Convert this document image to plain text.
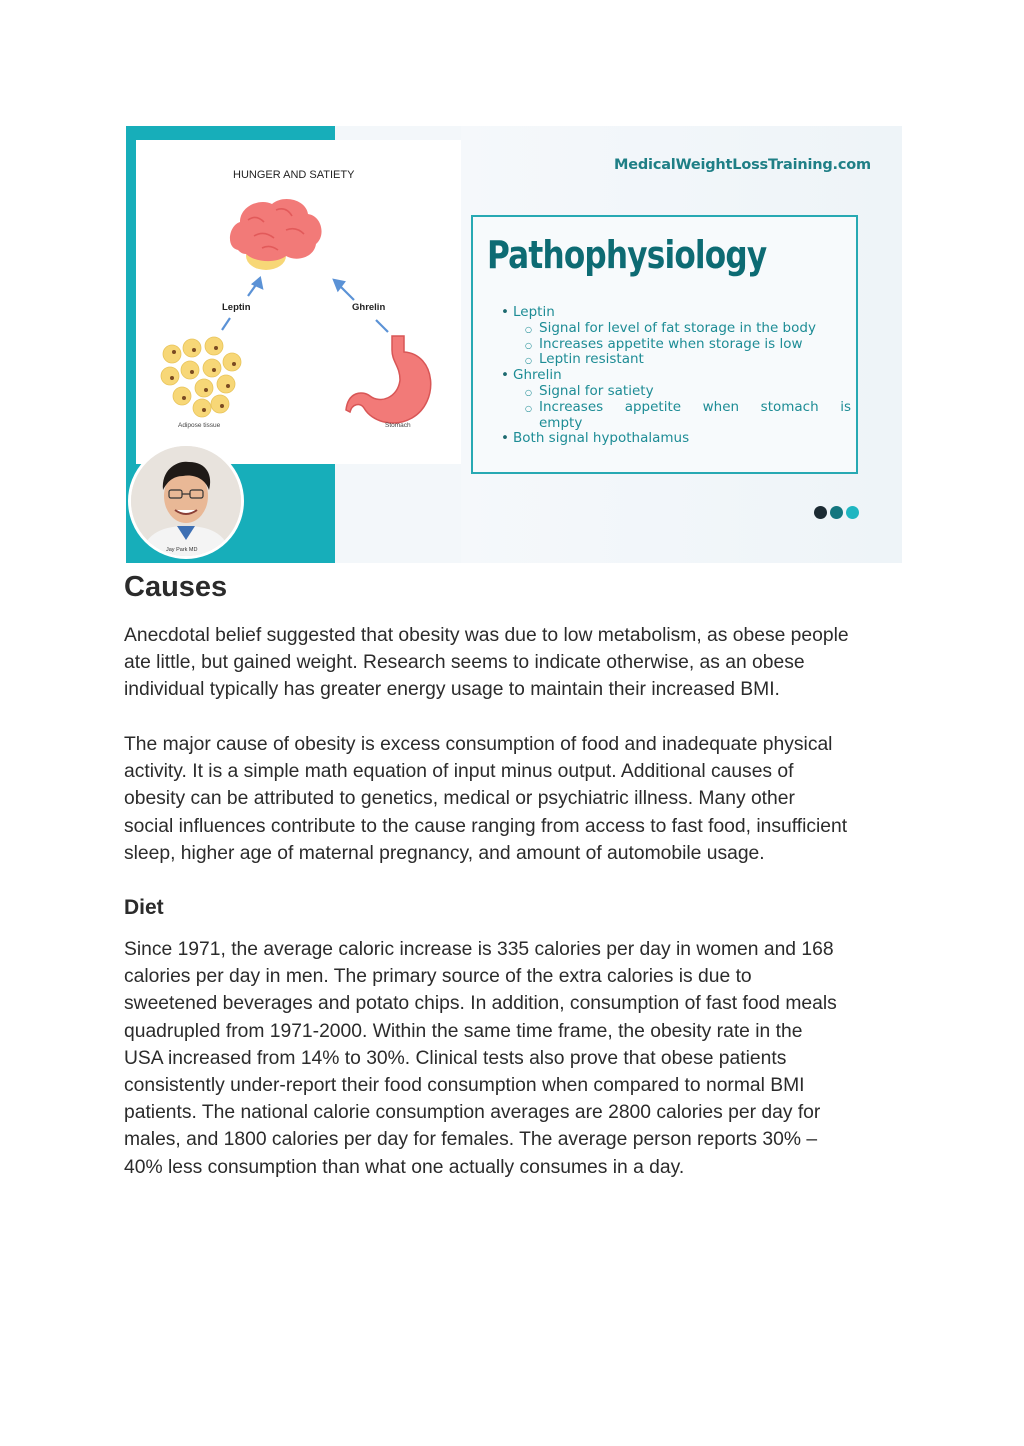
HUNGER AND SATIETY
Leptin	Ghrelin
Adipose tissue	Stomach
Jay Park MD
MedicalWeightLossTraining.com
Pathophysiology
• Leptin
○ Signal for level of fat storage in the body
○ Increases appetite when storage is low
○ Leptin resistant
• Ghrelin
○ Signal for satiety
○ Increases appetite when stomach is
empty
• Both signal hypothalamus
Causes

Anecdotal belief suggested that obesity was due to low metabolism, as obese people
ate little, but gained weight. Research seems to indicate otherwise, as an obese
individual typically has greater energy usage to maintain their increased BMI.

The major cause of obesity is excess consumption of food and inadequate physical
activity. It is a simple math equation of input minus output. Additional causes of
obesity can be attributed to genetics, medical or psychiatric illness. Many other
social influences contribute to the cause ranging from access to fast food, insufficient
sleep, higher age of maternal pregnancy, and amount of automobile usage.

Diet

Since 1971, the average caloric increase is 335 calories per day in women and 168
calories per day in men. The primary source of the extra calories is due to
sweetened beverages and potato chips. In addition, consumption of fast food meals
quadrupled from 1971-2000. Within the same time frame, the obesity rate in the
USA increased from 14% to 30%. Clinical tests also prove that obese patients
consistently under-report their food consumption when compared to normal BMI
patients. The national calorie consumption averages are 2800 calories per day for
males, and 1800 calories per day for females. The average person reports 30% –
40% less consumption than what one actually consumes in a day.
